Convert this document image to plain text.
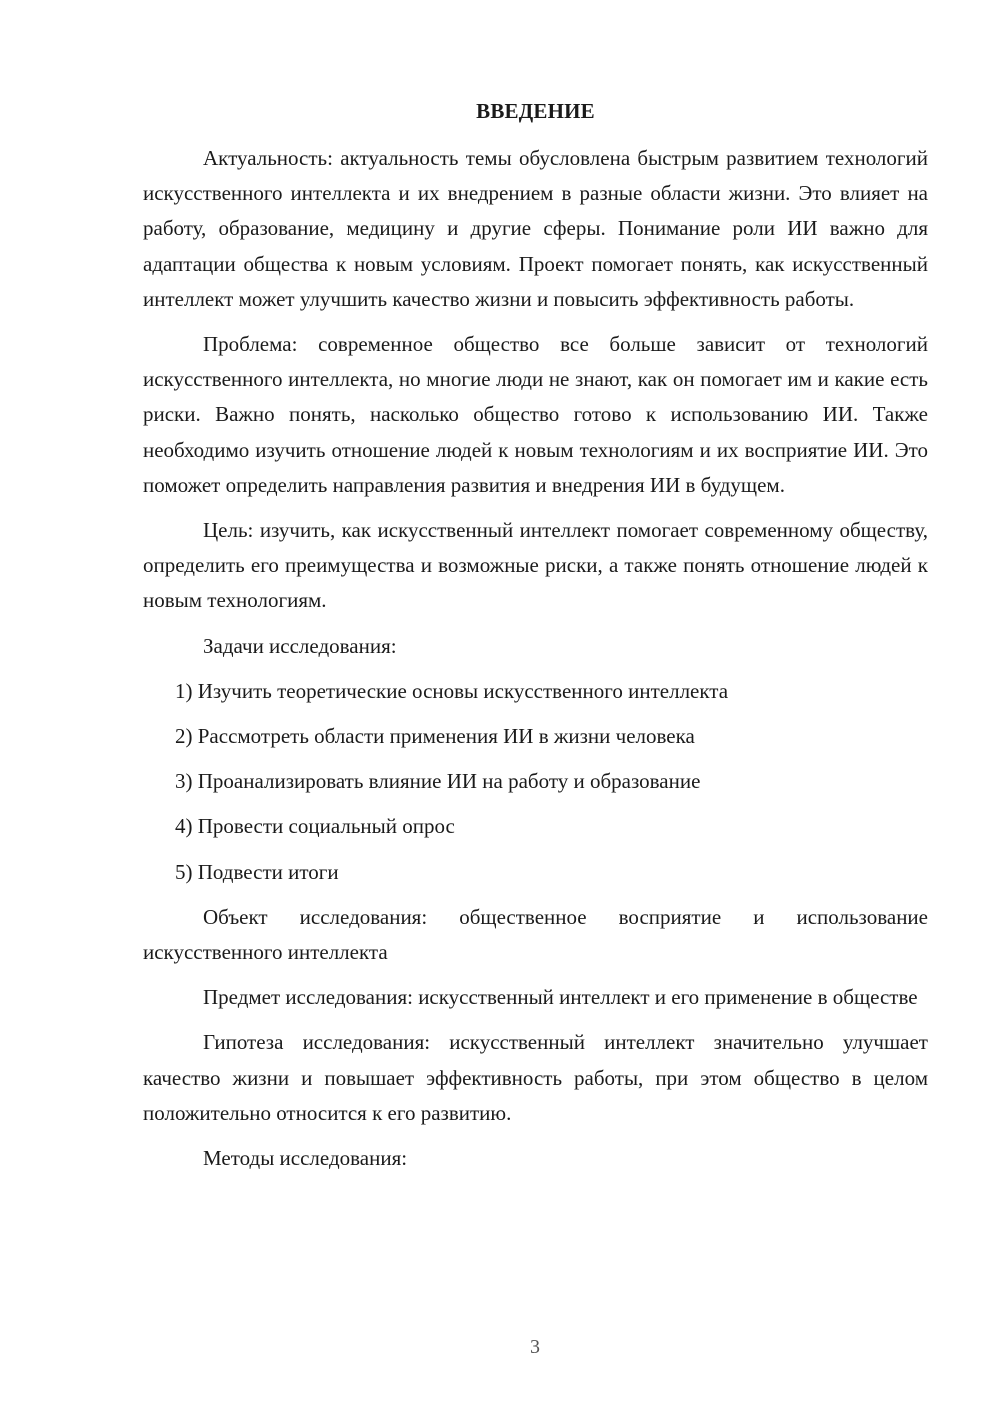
ВВЕДЕНИЕ

Актуальность: актуальность темы обусловлена быстрым развитием технологий искусственного интеллекта и их внедрением в разные области жизни. Это влияет на работу, образование, медицину и другие сферы. Понимание роли ИИ важно для адаптации общества к новым условиям. Проект помогает понять, как искусственный интеллект может улучшить качество жизни и повысить эффективность работы.

Проблема: современное общество все больше зависит от технологий искусственного интеллекта, но многие люди не знают, как он помогает им и какие есть риски. Важно понять, насколько общество готово к использованию ИИ. Также необходимо изучить отношение людей к новым технологиям и их восприятие ИИ. Это поможет определить направления развития и внедрения ИИ в будущем.

Цель: изучить, как искусственный интеллект помогает современному обществу, определить его преимущества и возможные риски, а также понять отношение людей к новым технологиям.

Задачи исследования:

1) Изучить теоретические основы искусственного интеллекта
2) Рассмотреть области применения ИИ в жизни человека
3) Проанализировать влияние ИИ на работу и образование
4) Провести социальный опрос
5) Подвести итоги

Объект исследования: общественное восприятие и использование искусственного интеллекта

Предмет исследования: искусственный интеллект и его применение в обществе

Гипотеза исследования: искусственный интеллект значительно улучшает качество жизни и повышает эффективность работы, при этом общество в целом положительно относится к его развитию.

Методы исследования:

3
